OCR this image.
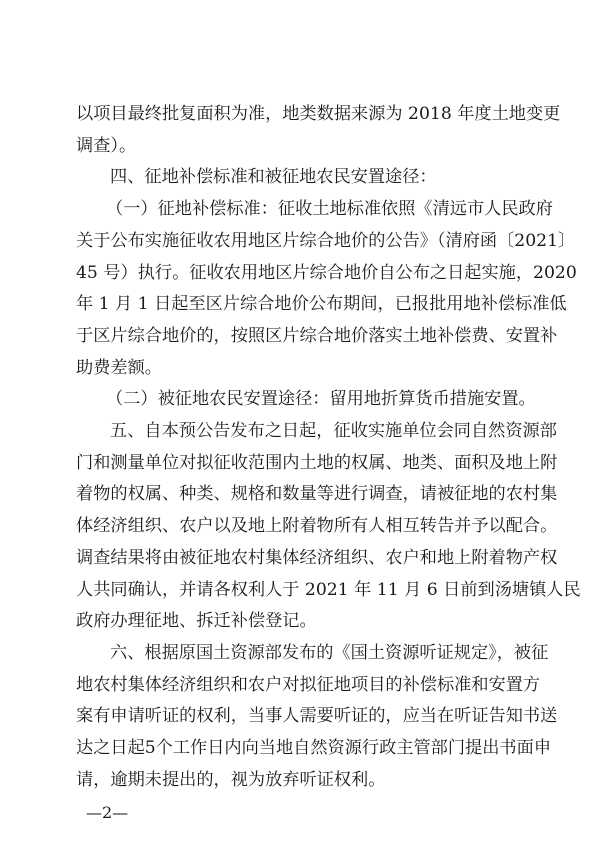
以项目最终批复面积为准，地类数据来源为 2018 年度土地变更
调查）。
四、征地补偿标准和被征地农民安置途径：
（一）征地补偿标准：征收土地标准依照《清远市人民政府
关于公布实施征收农用地区片综合地价的公告》（清府函〔2021〕
45 号）执行。征收农用地区片综合地价自公布之日起实施，2020
年 1 月 1 日起至区片综合地价公布期间，已报批用地补偿标准低
于区片综合地价的，按照区片综合地价落实土地补偿费、安置补
助费差额。
（二）被征地农民安置途径：留用地折算货币措施安置。
五、自本预公告发布之日起，征收实施单位会同自然资源部
门和测量单位对拟征收范围内土地的权属、地类、面积及地上附
着物的权属、种类、规格和数量等进行调查，请被征地的农村集
体经济组织、农户以及地上附着物所有人相互转告并予以配合。
调查结果将由被征地农村集体经济组织、农户和地上附着物产权
人共同确认，并请各权利人于 2021 年 11 月 6 日前到汤塘镇人民
政府办理征地、拆迁补偿登记。
六、根据原国土资源部发布的《国土资源听证规定》，被征
地农村集体经济组织和农户对拟征地项目的补偿标准和安置方
案有申请听证的权利，当事人需要听证的，应当在听证告知书送
达之日起5个工作日内向当地自然资源行政主管部门提出书面申
请，逾期未提出的，视为放弃听证权利。
—2—
